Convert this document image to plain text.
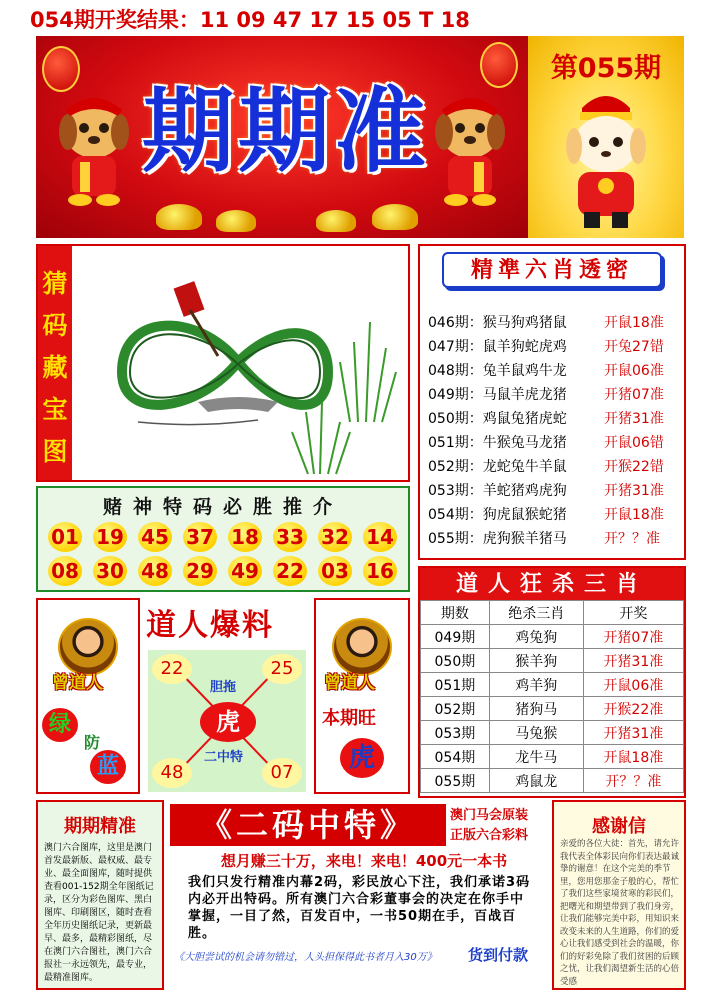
054期开奖结果：11 09 47 17 15 05 T 18
期期准
第055期
猜
码
藏
宝
图
精準六肖透密
046期：猴马狗鸡猪鼠	开鼠18准
047期：鼠羊狗蛇虎鸡	开兔27错
048期：兔羊鼠鸡牛龙	开鼠06准
049期：马鼠羊虎龙猪	开猪07准
050期：鸡鼠兔猪虎蛇	开猪31准
051期：牛猴兔马龙猪	开鼠06错
052期：龙蛇兔牛羊鼠	开猴22错
053期：羊蛇猪鸡虎狗	开猪31准
054期：狗虎鼠猴蛇猪	开鼠18准
055期：虎狗猴羊猪马	开？？准
赌神特码必胜推介
01 19 45 37 18 33 32 14
08 30 48 29 49 22 03 16	道人狂杀三肖
期数	绝杀三肖	开奖
049期	鸡兔狗	开猪07准
050期	猴羊狗	开猪31准
051期	鸡羊狗	开鼠06准
052期	猪狗马	开猴22准
053期	马兔猴	开猪31准
054期	龙牛马	开鼠18准
055期	鸡鼠龙	开？？准
曾道人
绿
防
蓝
道人爆料
22	25
48	07
胆拖
虎
二中特
曾道人
本期旺
虎
期期精准
澳门六合图库，这里是澳门首发最新版、最权威、最专业、最全面图库，随时提供查看001-152期全年图纸记录，区分为彩色图库、黑白图库、印刷图区，随时查看全年历史图纸记录，更新最早、最多，最精彩图纸，尽在澳门六合图社，澳门六合报社一永远领先，最专业，最精准图库。
《二码中特》	澳门马会原装
正版六合彩料
想月赚三十万，来电！来电！400元一本书
我们只发行精准内幕2码，彩民放心下注，我们承诺3码内必开出特码。所有澳门六合彩董事会的决定在你手中掌握，一目了然，百发百中，一书50期在手，百战百胜。
《大胆尝试的机会请勿错过，人头担保得此书者月入30万》 货到付款
感谢信
亲爱的各位大徒：首先，请允许我代表全体彩民向你们表达最诚挚的谢意！在这个完美的季节里，您用您那金子般的心，帮忙了我们这些家境贫寒的彩民们，把曙光和期望带到了我们身旁，让我们能够完美中彩，用知识来改变未来的人生道路，你们的爱心让我们感受到社会的温暖，你们的好彩免除了我们贫困的后顾之忧，让我们渴望新生活的心倍受感
